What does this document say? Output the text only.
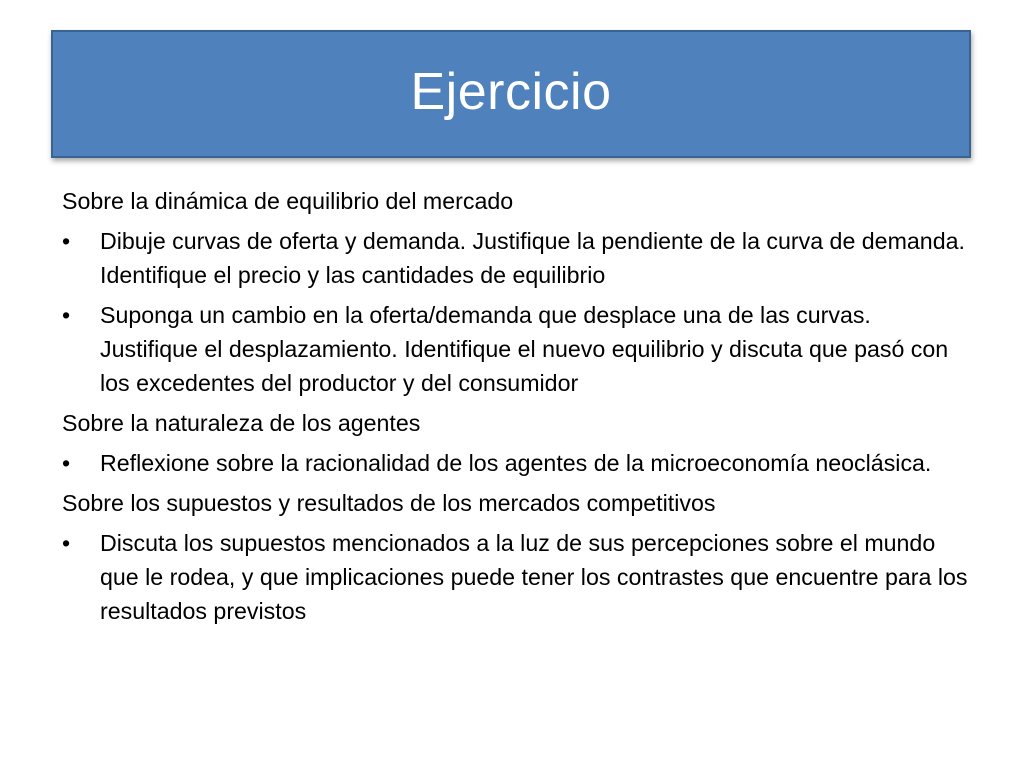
Ejercicio
Sobre la dinámica de equilibrio del mercado
• Dibuje curvas de oferta y demanda. Justifique la pendiente de la curva de demanda. Identifique el precio y las cantidades de equilibrio
• Suponga un cambio en la oferta/demanda que desplace una de las curvas. Justifique el desplazamiento. Identifique el nuevo equilibrio y discuta que pasó con los excedentes del productor y del consumidor
Sobre la naturaleza de los agentes
• Reflexione sobre la racionalidad de los agentes de la microeconomía neoclásica.
Sobre los supuestos y resultados de los mercados competitivos
• Discuta los supuestos mencionados a la luz de sus percepciones sobre el mundo que le rodea, y que implicaciones puede tener los contrastes que encuentre para los resultados previstos
